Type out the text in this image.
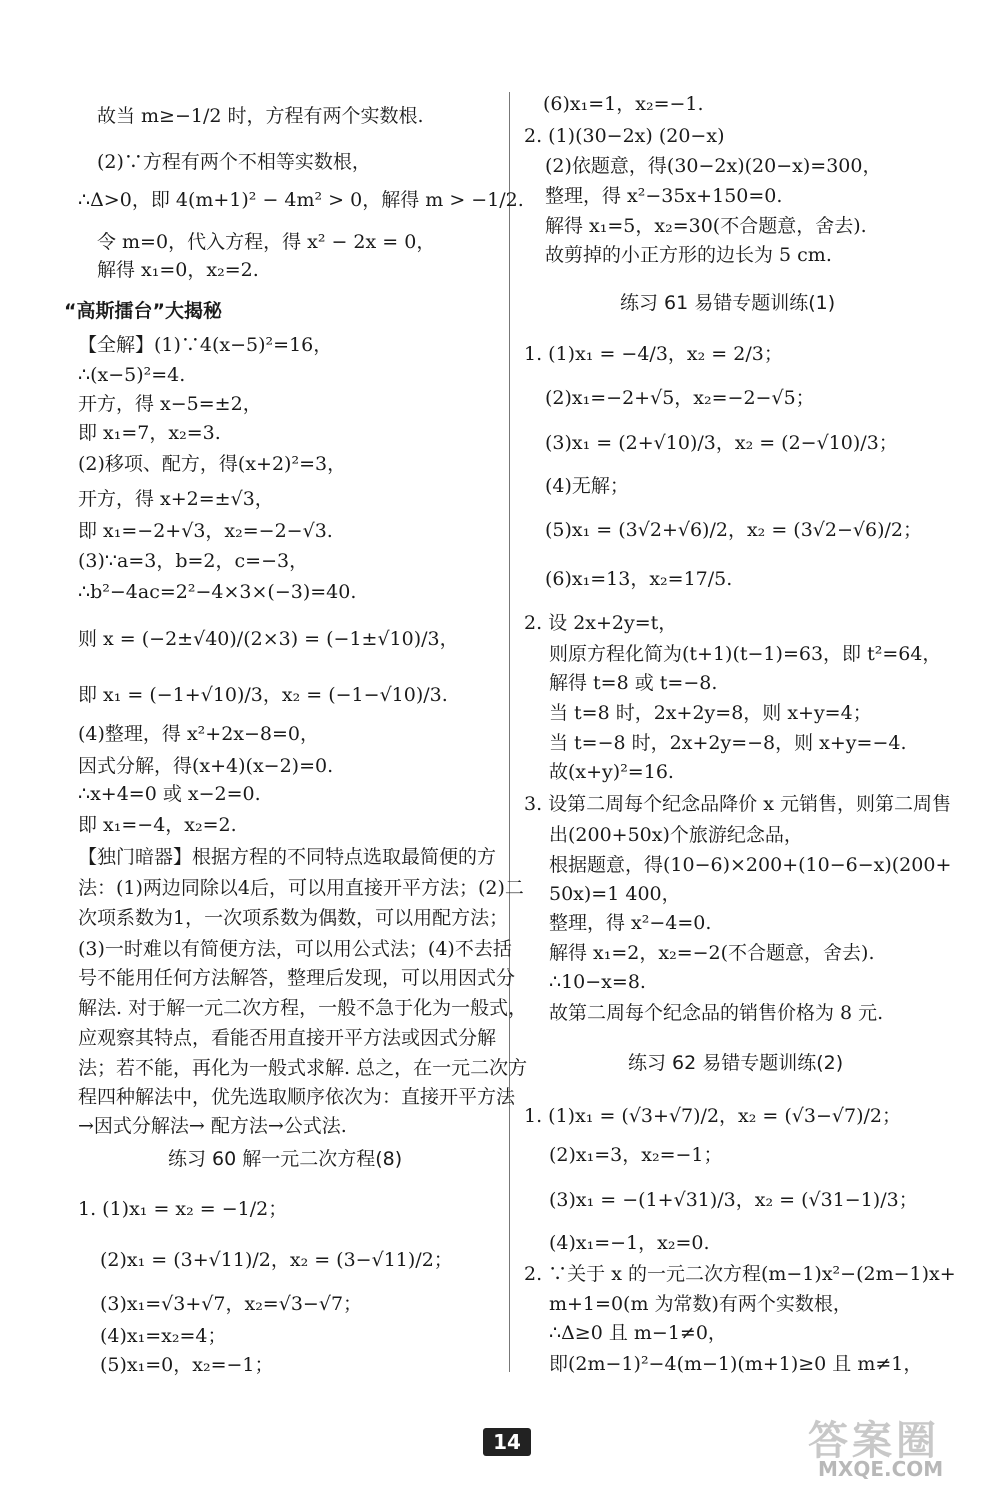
“高斯擂台”大揭秘
练习 60 解一元二次方程(8)
练习 61 易错专题训练(1)
练习 62 易错专题训练(2)
14	答案圈
MXQE.COM
故当 m≥−1/2 时，方程有两个实数根.
(2)∵方程有两个不相等实数根，
∴Δ>0，即 4(m+1)² − 4m² > 0，解得 m > −1/2.
令 m=0，代入方程，得 x² − 2x = 0，
解得 x₁=0，x₂=2.
【全解】(1)∵4(x−5)²=16，
∴(x−5)²=4.
开方，得 x−5=±2，
即 x₁=7，x₂=3.
(2)移项、配方，得(x+2)²=3，
开方，得 x+2=±√3，
即 x₁=−2+√3，x₂=−2−√3.
(3)∵a=3，b=2，c=−3，
∴b²−4ac=2²−4×3×(−3)=40.
则 x = (−2±√40)/(2×3) = (−1±√10)/3，
即 x₁ = (−1+√10)/3，x₂ = (−1−√10)/3.
(4)整理，得 x²+2x−8=0，
因式分解，得(x+4)(x−2)=0.
∴x+4=0 或 x−2=0.
即 x₁=−4，x₂=2.
【独门暗器】根据方程的不同特点选取最简便的方
法：(1)两边同除以4后，可以用直接开平方法；(2)二
次项系数为1，一次项系数为偶数，可以用配方法；
(3)一时难以有简便方法，可以用公式法；(4)不去括
号不能用任何方法解答，整理后发现，可以用因式分
解法. 对于解一元二次方程，一般不急于化为一般式，
应观察其特点，看能否用直接开平方法或因式分解
法；若不能，再化为一般式求解. 总之，在一元二次方
程四种解法中，优先选取顺序依次为：直接开平方法
→因式分解法→ 配方法→公式法.
1. (1)x₁ = x₂ = −1/2；
(2)x₁ = (3+√11)/2，x₂ = (3−√11)/2；
(3)x₁=√3+√7，x₂=√3−√7；
(4)x₁=x₂=4；
(5)x₁=0，x₂=−1；
(6)x₁=1，x₂=−1.
2. (1)(30−2x) (20−x)
(2)依题意，得(30−2x)(20−x)=300，
整理，得 x²−35x+150=0.
解得 x₁=5，x₂=30(不合题意，舍去).
故剪掉的小正方形的边长为 5 cm.
1. (1)x₁ = −4/3，x₂ = 2/3；
(2)x₁=−2+√5，x₂=−2−√5；
(3)x₁ = (2+√10)/3，x₂ = (2−√10)/3；
(4)无解；
(5)x₁ = (3√2+√6)/2，x₂ = (3√2−√6)/2；
(6)x₁=13，x₂=17/5.
2. 设 2x+2y=t，
则原方程化简为(t+1)(t−1)=63，即 t²=64，
解得 t=8 或 t=−8.
当 t=8 时，2x+2y=8，则 x+y=4；
当 t=−8 时，2x+2y=−8，则 x+y=−4.
故(x+y)²=16.
3. 设第二周每个纪念品降价 x 元销售，则第二周售
出(200+50x)个旅游纪念品，
根据题意，得(10−6)×200+(10−6−x)(200+
50x)=1 400，
整理，得 x²−4=0.
解得 x₁=2，x₂=−2(不合题意，舍去).
∴10−x=8.
故第二周每个纪念品的销售价格为 8 元.
1. (1)x₁ = (√3+√7)/2，x₂ = (√3−√7)/2；
(2)x₁=3，x₂=−1；
(3)x₁ = −(1+√31)/3，x₂ = (√31−1)/3；
(4)x₁=−1，x₂=0.
2. ∵关于 x 的一元二次方程(m−1)x²−(2m−1)x+
m+1=0(m 为常数)有两个实数根，
∴Δ≥0 且 m−1≠0，
即(2m−1)²−4(m−1)(m+1)≥0 且 m≠1，
